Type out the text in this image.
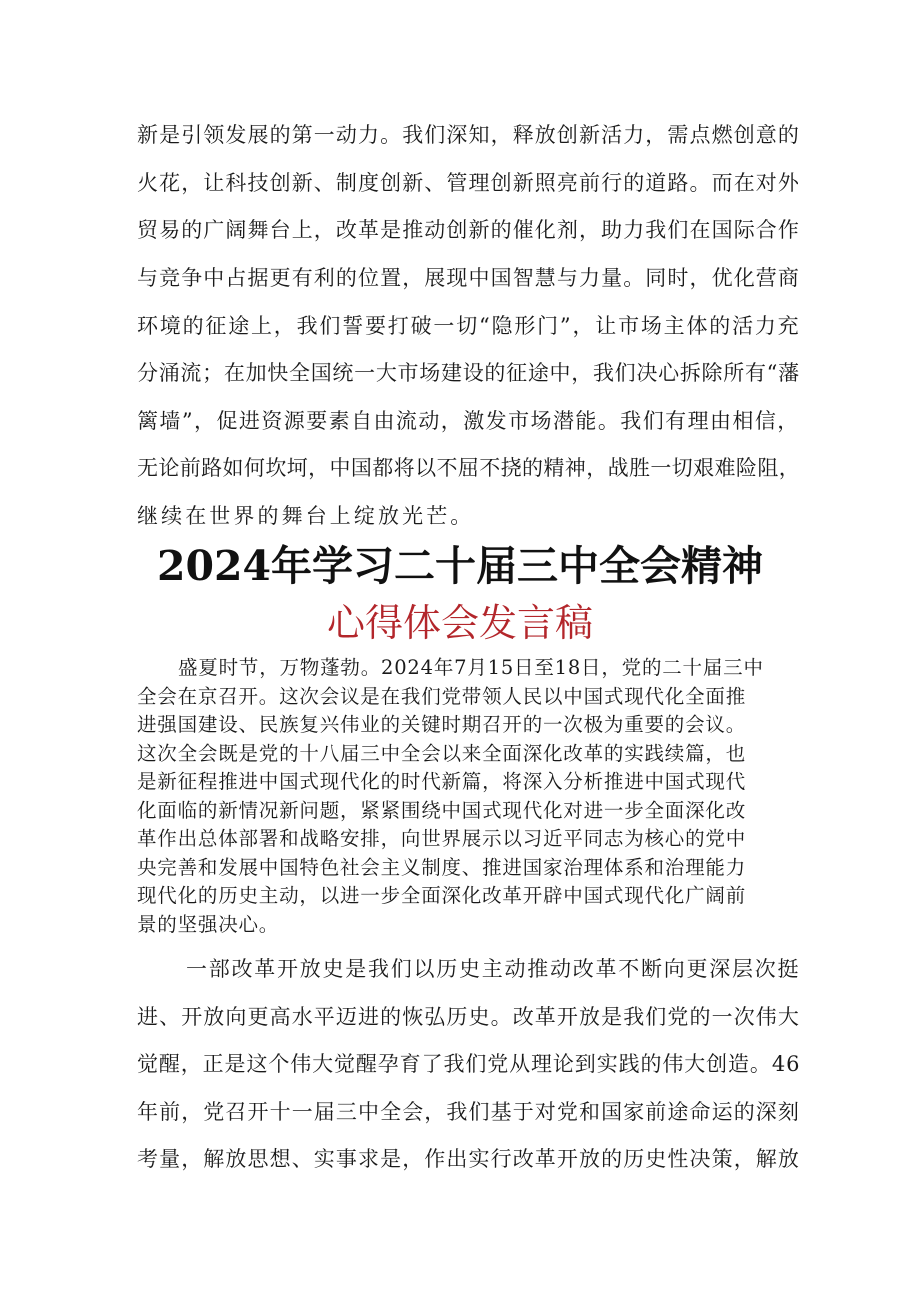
新是引领发展的第一动力。我们深知，释放创新活力，需点燃创意的

火花，让科技创新、制度创新、管理创新照亮前行的道路。而在对外

贸易的广阔舞台上，改革是推动创新的催化剂，助力我们在国际合作

与竞争中占据更有利的位置，展现中国智慧与力量。同时，优化营商

环境的征途上，我们誓要打破一切“隐形门”，让市场主体的活力充

分涌流；在加快全国统一大市场建设的征途中，我们决心拆除所有“藩

篱墙”，促进资源要素自由流动，激发市场潜能。我们有理由相信，

无论前路如何坎坷，中国都将以不屈不挠的精神，战胜一切艰难险阻，

继续在世界的舞台上绽放光芒。

2024年学习二十届三中全会精神
心得体会发言稿

盛夏时节，万物蓬勃。2024年7月15日至18日，党的二十届三中

全会在京召开。这次会议是在我们党带领人民以中国式现代化全面推

进强国建设、民族复兴伟业的关键时期召开的一次极为重要的会议。

这次全会既是党的十八届三中全会以来全面深化改革的实践续篇，也

是新征程推进中国式现代化的时代新篇，将深入分析推进中国式现代

化面临的新情况新问题，紧紧围绕中国式现代化对进一步全面深化改

革作出总体部署和战略安排，向世界展示以习近平同志为核心的党中

央完善和发展中国特色社会主义制度、推进国家治理体系和治理能力

现代化的历史主动，以进一步全面深化改革开辟中国式现代化广阔前

景的坚强决心。

一部改革开放史是我们以历史主动推动改革不断向更深层次挺

进、开放向更高水平迈进的恢弘历史。改革开放是我们党的一次伟大

觉醒，正是这个伟大觉醒孕育了我们党从理论到实践的伟大创造。46

年前，党召开十一届三中全会，我们基于对党和国家前途命运的深刻

考量，解放思想、实事求是，作出实行改革开放的历史性决策，解放
